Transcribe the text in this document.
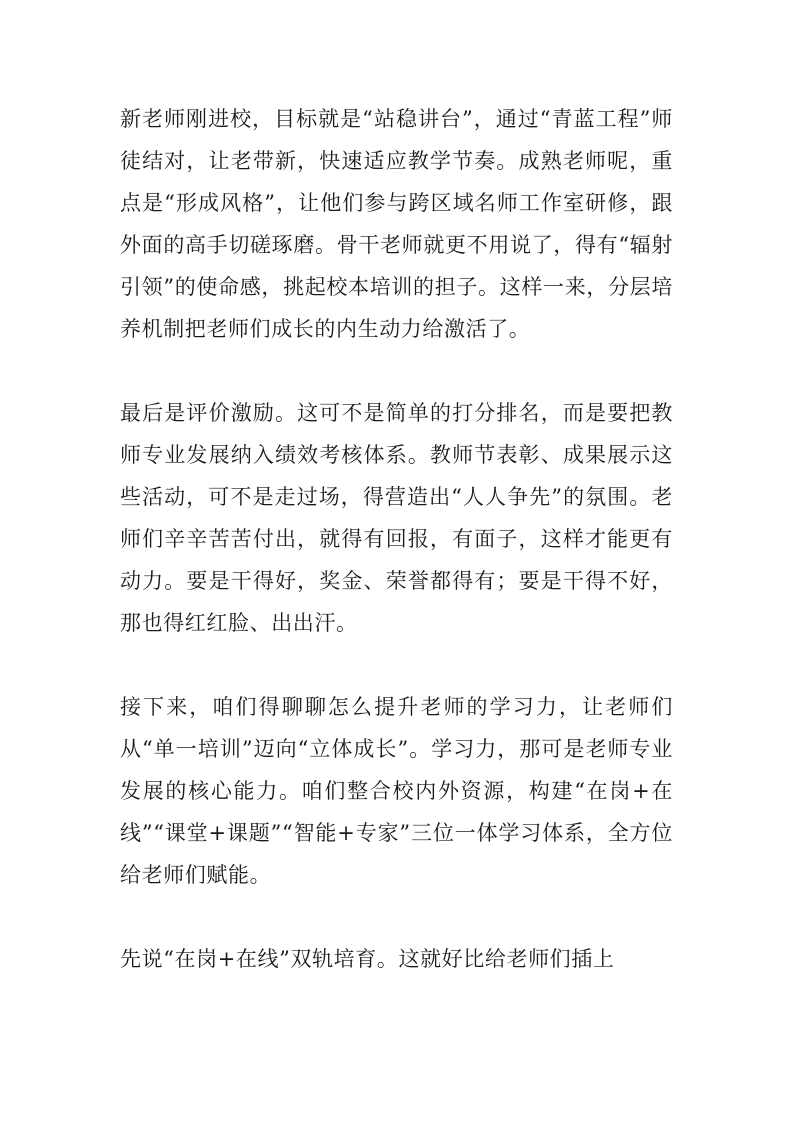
新老师刚进校，目标就是“站稳讲台”，通过“青蓝工程”师徒结对，让老带新，快速适应教学节奏。成熟老师呢，重点是“形成风格”，让他们参与跨区域名师工作室研修，跟外面的高手切磋琢磨。骨干老师就更不用说了，得有“辐射引领”的使命感，挑起校本培训的担子。这样一来，分层培养机制把老师们成长的内生动力给激活了。

最后是评价激励。这可不是简单的打分排名，而是要把教师专业发展纳入绩效考核体系。教师节表彰、成果展示这些活动，可不是走过场，得营造出“人人争先”的氛围。老师们辛辛苦苦付出，就得有回报，有面子，这样才能更有动力。要是干得好，奖金、荣誉都得有；要是干得不好，那也得红红脸、出出汗。

接下来，咱们得聊聊怎么提升老师的学习力，让老师们从“单一培训”迈向“立体成长”。学习力，那可是老师专业发展的核心能力。咱们整合校内外资源，构建“在岗+在线”“课堂+课题”“智能+专家”三位一体学习体系，全方位给老师们赋能。

先说“在岗+在线”双轨培育。这就好比给老师们插上
